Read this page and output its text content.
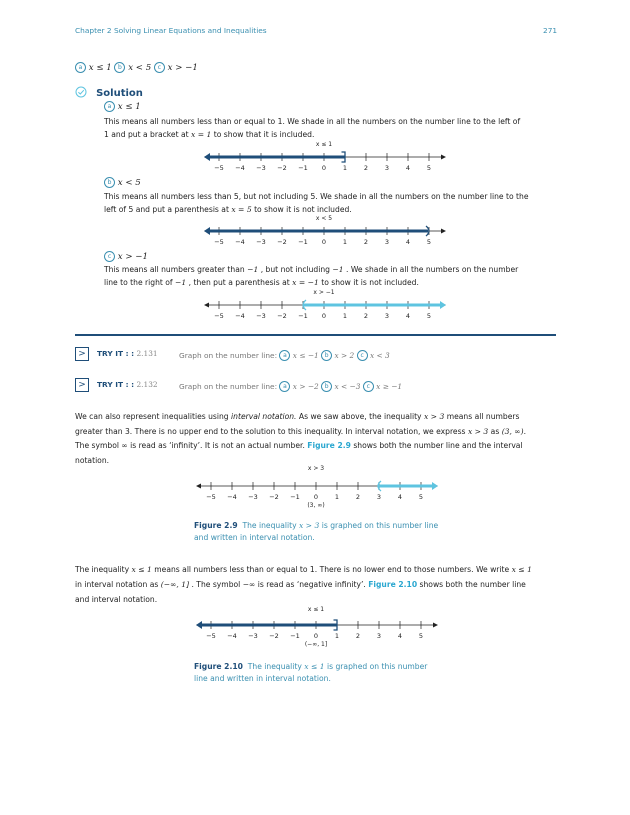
Chapter 2 Solving Linear Equations and Inequalities	271
a x ≤ 1 b x < 5 c x > −1
Solution
a x ≤ 1
This means all numbers less than or equal to 1. We shade in all the numbers on the number line to the left of
1 and put a bracket at x = 1 to show that it is included.
x ≤ 1
−5 −4 −3 −2 −1 0	1	2	3	4	5
b x < 5
This means all numbers less than 5, but not including 5. We shade in all the numbers on the number line to the
left of 5 and put a parenthesis at x = 5 to show it is not included.
x < 5
−5 −4 −3 −2 −1 0	1	2	3	4	5
c x > −1
This means all numbers greater than −1 , but not including −1 . We shade in all the numbers on the number
line to the right of −1 , then put a parenthesis at x = −1 to show it is not included.
x > −1
−5 −4 −3 −2 −1 0	1	2	3	4	5
>	TRY IT : : 2.131	Graph on the number line: a x ≤ −1 b x > 2 c x < 3
>	TRY IT : : 2.132	Graph on the number line: a x > −2 b x < −3 c x ≥ −1
We can also represent inequalities using interval notation. As we saw above, the inequality x > 3 means all numbers
greater than 3. There is no upper end to the solution to this inequality. In interval notation, we express x > 3 as (3, ∞).
The symbol ∞ is read as ‘infinity’. It is not an actual number. Figure 2.9 shows both the number line and the interval
notation.
x > 3
−5 −4 −3 −2 −1 0	1	2	3	4	5
(3, ∞)
Figure 2.9 The inequality x > 3 is graphed on this number line
and written in interval notation.
The inequality x ≤ 1 means all numbers less than or equal to 1. There is no lower end to those numbers. We write x ≤ 1
in interval notation as (−∞, 1] . The symbol −∞ is read as ‘negative infinity’. Figure 2.10 shows both the number line
and interval notation.
x ≤ 1
−5 −4 −3 −2 −1 0	1	2	3	4	5
(−∞, 1]
Figure 2.10 The inequality x ≤ 1 is graphed on this number
line and written in interval notation.
